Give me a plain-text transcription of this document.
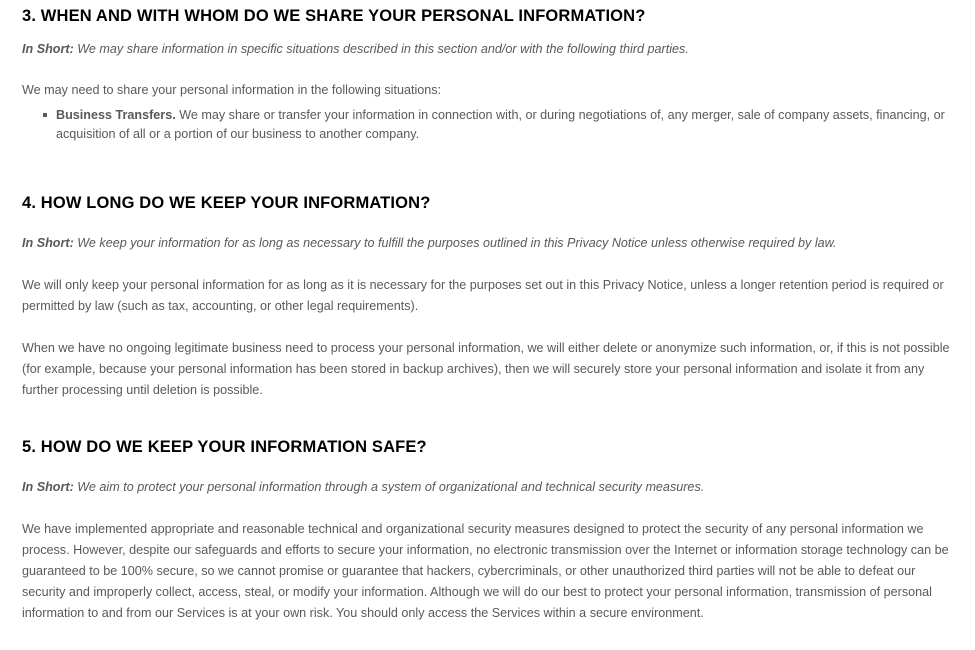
3. WHEN AND WITH WHOM DO WE SHARE YOUR PERSONAL INFORMATION?

In Short: We may share information in specific situations described in this section and/or with the following third parties.

We may need to share your personal information in the following situations:

Business Transfers. We may share or transfer your information in connection with, or during negotiations of, any merger, sale of company assets, financing, or acquisition of all or a portion of our business to another company.
4. HOW LONG DO WE KEEP YOUR INFORMATION?

In Short: We keep your information for as long as necessary to fulfill the purposes outlined in this Privacy Notice unless otherwise required by law.

We will only keep your personal information for as long as it is necessary for the purposes set out in this Privacy Notice, unless a longer retention period is required or permitted by law (such as tax, accounting, or other legal requirements).

When we have no ongoing legitimate business need to process your personal information, we will either delete or anonymize such information, or, if this is not possible (for example, because your personal information has been stored in backup archives), then we will securely store your personal information and isolate it from any further processing until deletion is possible.

5. HOW DO WE KEEP YOUR INFORMATION SAFE?

In Short: We aim to protect your personal information through a system of organizational and technical security measures.

We have implemented appropriate and reasonable technical and organizational security measures designed to protect the security of any personal information we process. However, despite our safeguards and efforts to secure your information, no electronic transmission over the Internet or information storage technology can be guaranteed to be 100% secure, so we cannot promise or guarantee that hackers, cybercriminals, or other unauthorized third parties will not be able to defeat our security and improperly collect, access, steal, or modify your information. Although we will do our best to protect your personal information, transmission of personal information to and from our Services is at your own risk. You should only access the Services within a secure environment.
